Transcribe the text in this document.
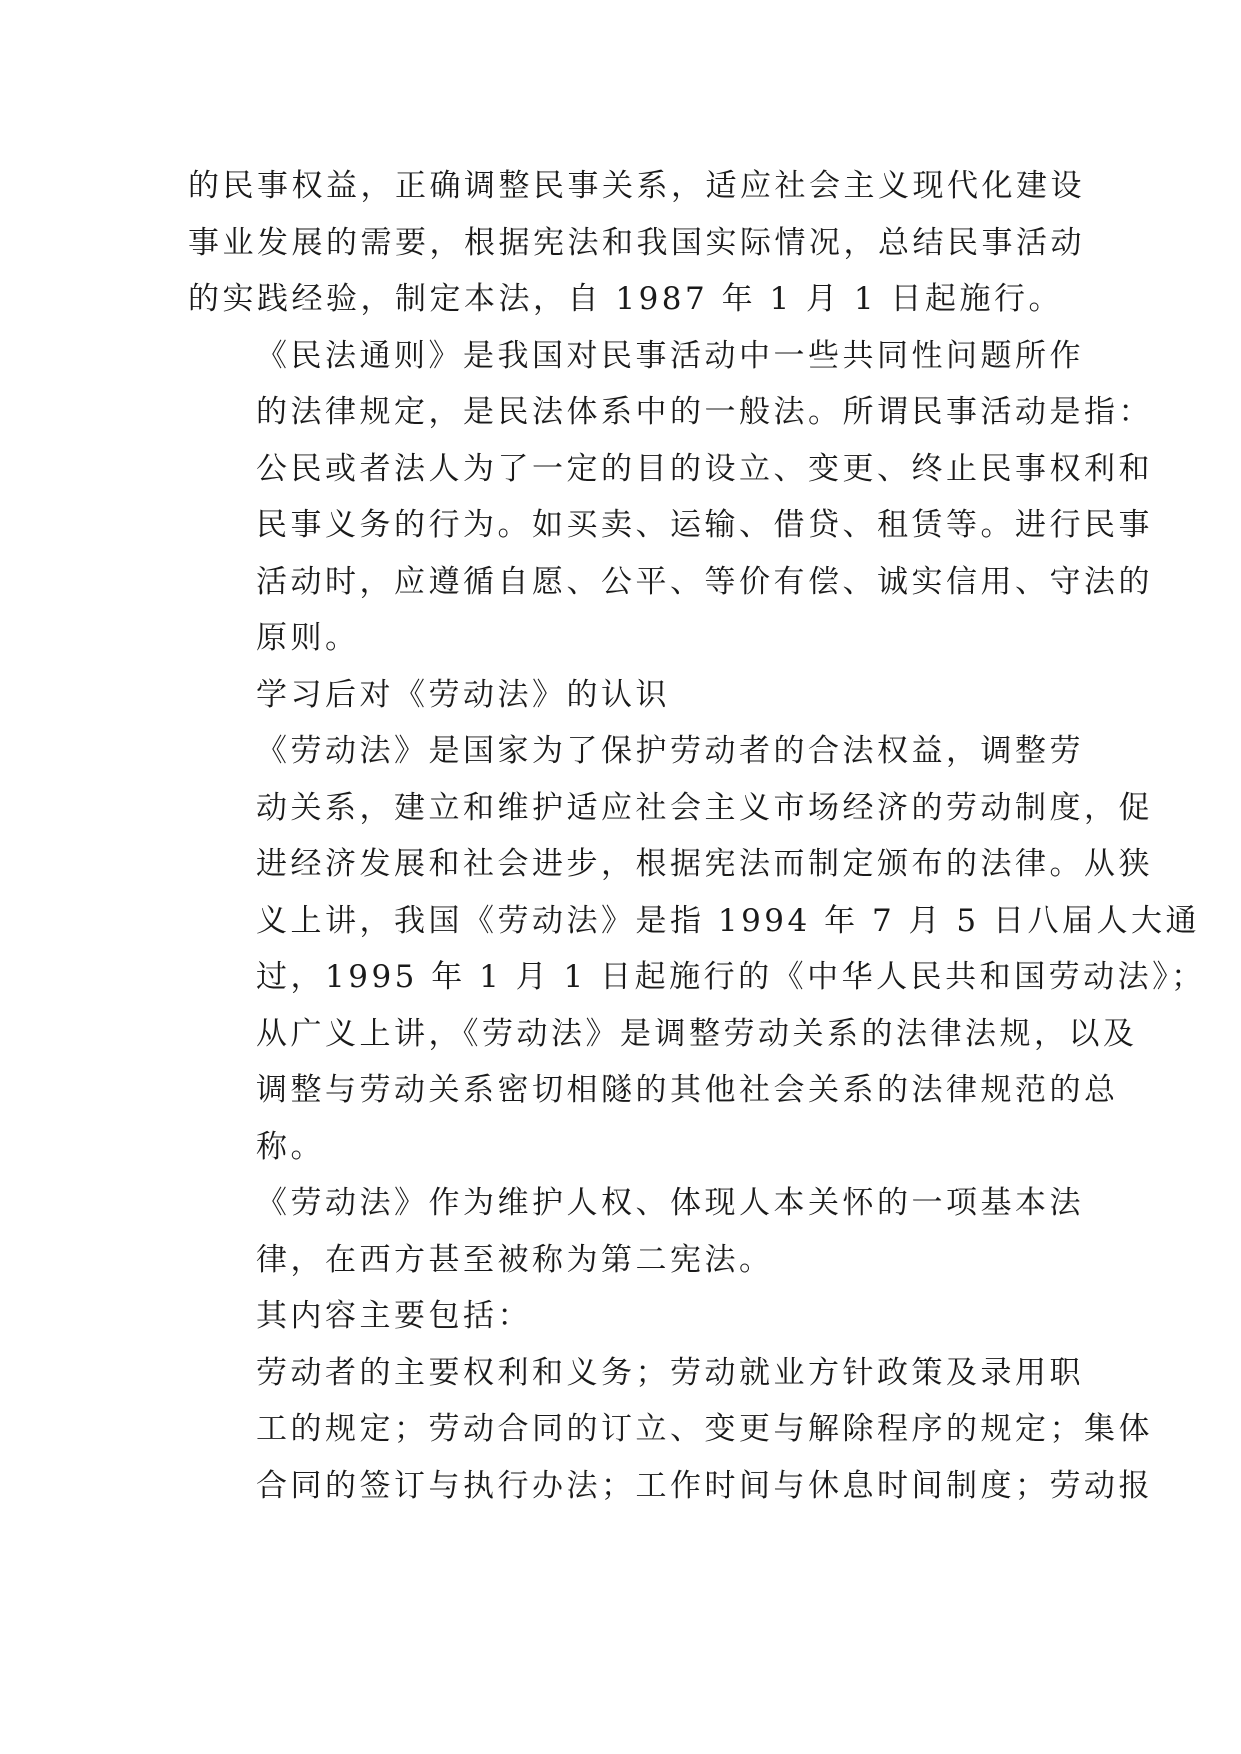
的民事权益，正确调整民事关系，适应社会主义现代化建设
事业发展的需要，根据宪法和我国实际情况，总结民事活动
的实践经验，制定本法，自 1987 年 1 月 1 日起施行。

《民法通则》是我国对民事活动中一些共同性问题所作
的法律规定，是民法体系中的一般法。所谓民事活动是指：
公民或者法人为了一定的目的设立、变更、终止民事权利和
民事义务的行为。如买卖、运输、借贷、租赁等。进行民事
活动时，应遵循自愿、公平、等价有偿、诚实信用、守法的
原则。

学习后对《劳动法》的认识

《劳动法》是国家为了保护劳动者的合法权益，调整劳
动关系，建立和维护适应社会主义市场经济的劳动制度，促
进经济发展和社会进步，根据宪法而制定颁布的法律。从狭
义上讲，我国《劳动法》是指 1994 年 7 月 5 日八届人大通
过，1995 年 1 月 1 日起施行的《中华人民共和国劳动法》；
从广义上讲，《劳动法》是调整劳动关系的法律法规，以及
调整与劳动关系密切相隧的其他社会关系的法律规范的总
称。

《劳动法》作为维护人权、体现人本关怀的一项基本法
律，在西方甚至被称为第二宪法。

其内容主要包括：

劳动者的主要权利和义务；劳动就业方针政策及录用职
工的规定；劳动合同的订立、变更与解除程序的规定；集体
合同的签订与执行办法；工作时间与休息时间制度；劳动报
